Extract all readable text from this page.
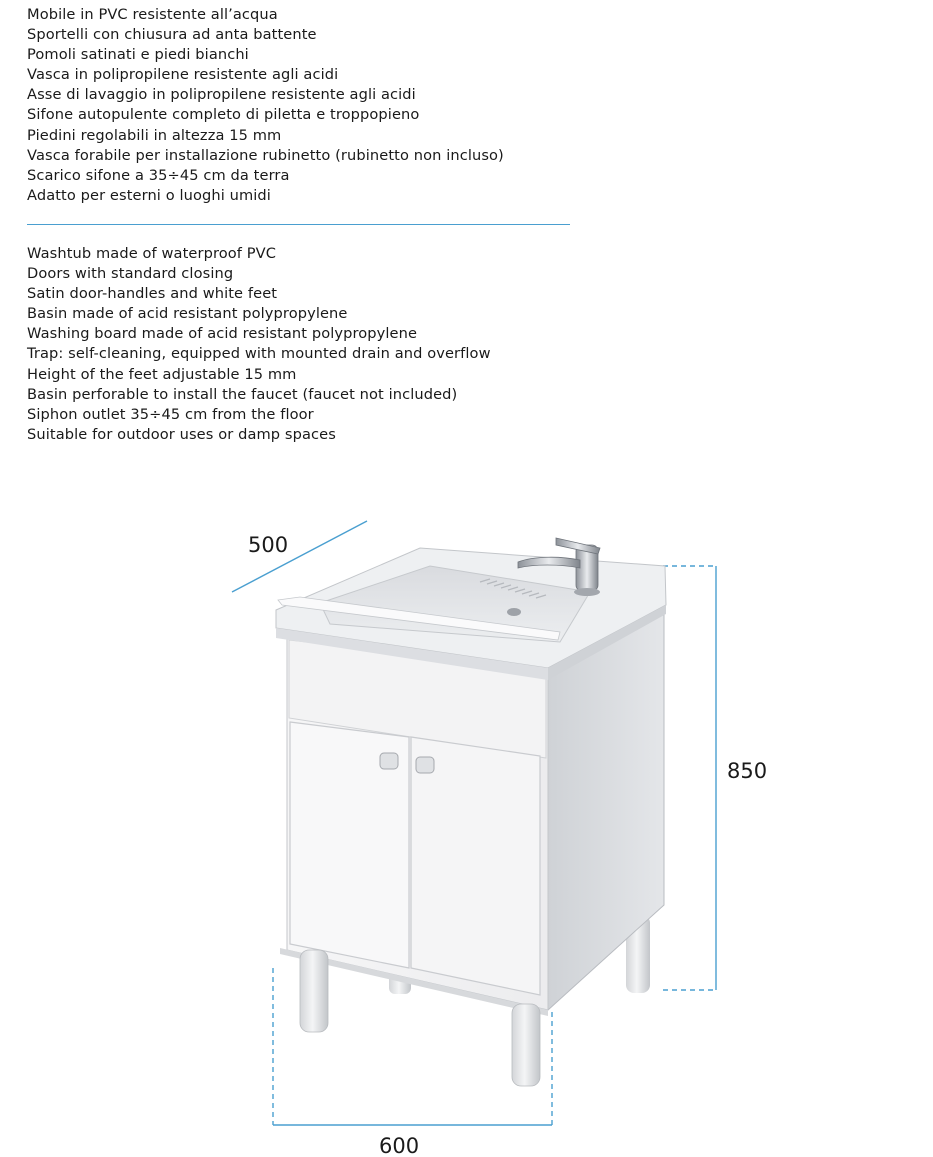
Mobile in PVC resistente all’acqua
Sportelli con chiusura ad anta battente
Pomoli satinati e piedi bianchi
Vasca in polipropilene resistente agli acidi
Asse di lavaggio in polipropilene resistente agli acidi
Sifone autopulente completo di piletta e troppopieno
Piedini regolabili in altezza 15 mm
Vasca forabile per installazione rubinetto (rubinetto non incluso)
Scarico sifone a 35÷45 cm da terra
Adatto per esterni o luoghi umidi
Washtub made of waterproof PVC
Doors with standard closing
Satin door-handles and white feet
Basin made of acid resistant polypropylene
Washing board made of acid resistant polypropylene
Trap: self-cleaning, equipped with mounted drain and overflow
Height of the feet adjustable 15 mm
Basin perforable to install the faucet (faucet not included)
Siphon outlet 35÷45 cm from the floor
Suitable for outdoor uses or damp spaces
500
850
600
